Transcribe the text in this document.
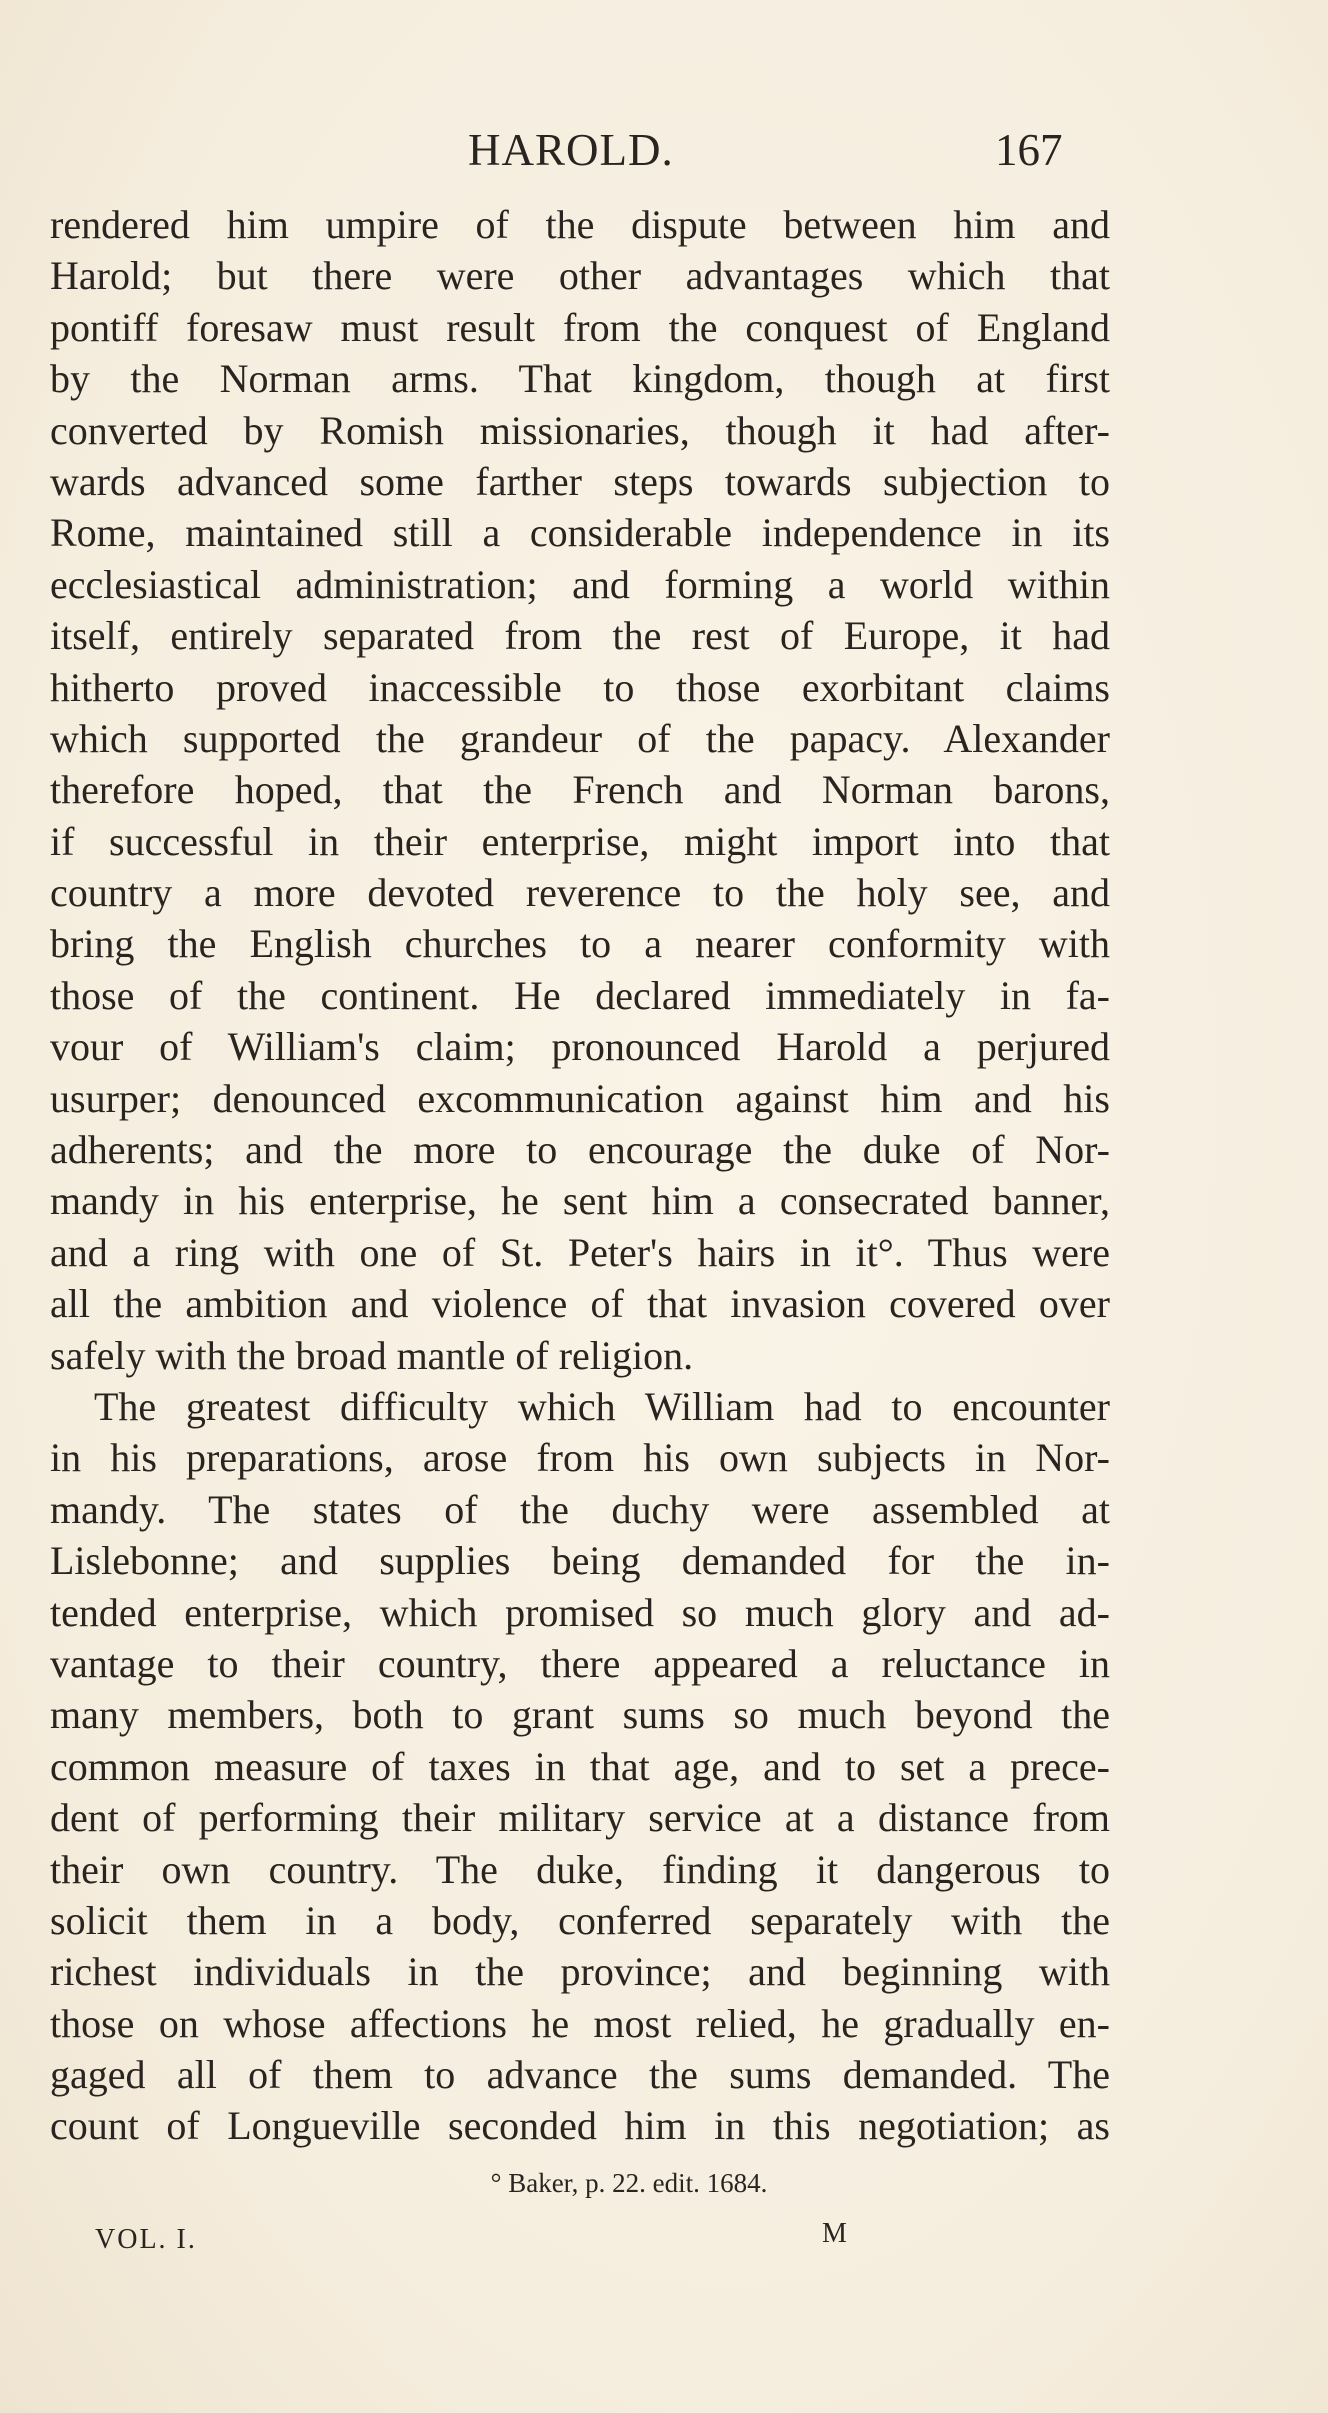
HAROLD.	167
rendered him umpire of the dispute between him and
Harold; but there were other advantages which that
pontiff foresaw must result from the conquest of England
by the Norman arms. That kingdom, though at first
converted by Romish missionaries, though it had after-
wards advanced some farther steps towards subjection to
Rome, maintained still a considerable independence in its
ecclesiastical administration; and forming a world within
itself, entirely separated from the rest of Europe, it had
hitherto proved inaccessible to those exorbitant claims
which supported the grandeur of the papacy. Alexander
therefore hoped, that the French and Norman barons,
if successful in their enterprise, might import into that
country a more devoted reverence to the holy see, and
bring the English churches to a nearer conformity with
those of the continent. He declared immediately in fa-
vour of William's claim; pronounced Harold a perjured
usurper; denounced excommunication against him and his
adherents; and the more to encourage the duke of Nor-
mandy in his enterprise, he sent him a consecrated banner,
and a ring with one of St. Peter's hairs in it°. Thus were
all the ambition and violence of that invasion covered over
safely with the broad mantle of religion.
The greatest difficulty which William had to encounter
in his preparations, arose from his own subjects in Nor-
mandy. The states of the duchy were assembled at
Lislebonne; and supplies being demanded for the in-
tended enterprise, which promised so much glory and ad-
vantage to their country, there appeared a reluctance in
many members, both to grant sums so much beyond the
common measure of taxes in that age, and to set a prece-
dent of performing their military service at a distance from
their own country. The duke, finding it dangerous to
solicit them in a body, conferred separately with the
richest individuals in the province; and beginning with
those on whose affections he most relied, he gradually en-
gaged all of them to advance the sums demanded. The
count of Longueville seconded him in this negotiation; as
° Baker, p. 22. edit. 1684.
VOL. I.	M
